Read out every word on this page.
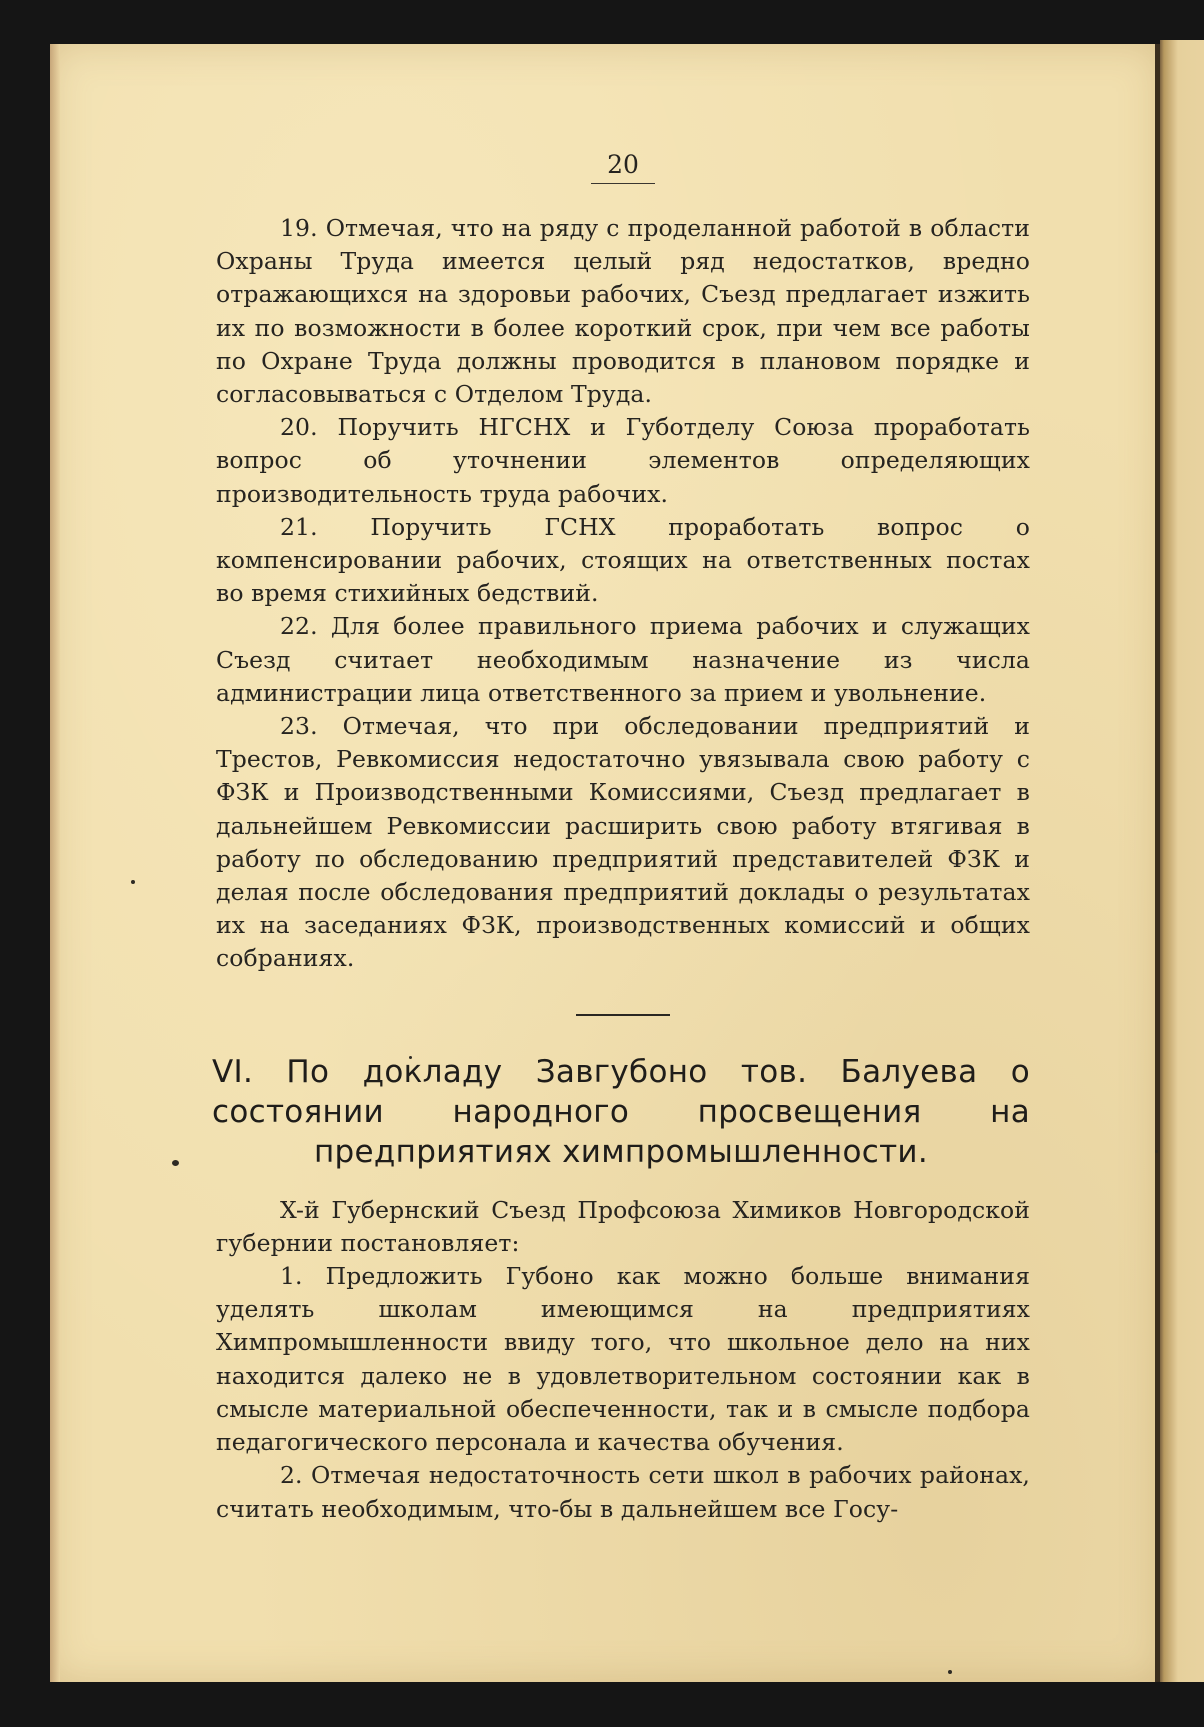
20

19. Отмечая, что на ряду с проделанной работой в области Охраны Труда имеется целый ряд недостатков, вредно отражающихся на здоровьи рабочих, Съезд предлагает изжить их по возможности в более короткий срок, при чем все работы по Охране Труда должны проводится в плановом порядке и согласовываться с Отделом Труда.

20. Поручить НГСНХ и Губотделу Союза проработать вопрос об уточнении элементов определяющих производительность труда рабочих.

21. Поручить ГСНХ проработать вопрос о компенсировании рабочих, стоящих на ответственных постах во время стихийных бедствий.

22. Для более правильного приема рабочих и служащих Съезд считает необходимым назначение из числа администрации лица ответственного за прием и увольнение.

23. Отмечая, что при обследовании предприятий и Трестов, Ревкомиссия недостаточно увязывала свою работу с ФЗК и Производственными Комиссиями, Съезд предлагает в дальнейшем Ревкомиссии расширить свою работу втягивая в работу по обследованию предприятий представителей ФЗК и делая после обследования предприятий доклады о результатах их на заседаниях ФЗК, производственных комиссий и общих собраниях.

VI. По докладу Завгубоно тов. Балуева о состоянии народного просвещения на предприятиях химпромышленности.

X-й Губернский Съезд Профсоюза Химиков Новгородской губернии постановляет:

1. Предложить Губоно как можно больше внимания уделять школам имеющимся на предприятиях Химпромышленности ввиду того, что школьное дело на них находится далеко не в удовлетворительном состоянии как в смысле материальной обеспеченности, так и в смысле подбора педагогического персонала и качества обучения.

2. Отмечая недостаточность сети школ в рабочих районах, считать необходимым, что-бы в дальнейшем все Госу-
